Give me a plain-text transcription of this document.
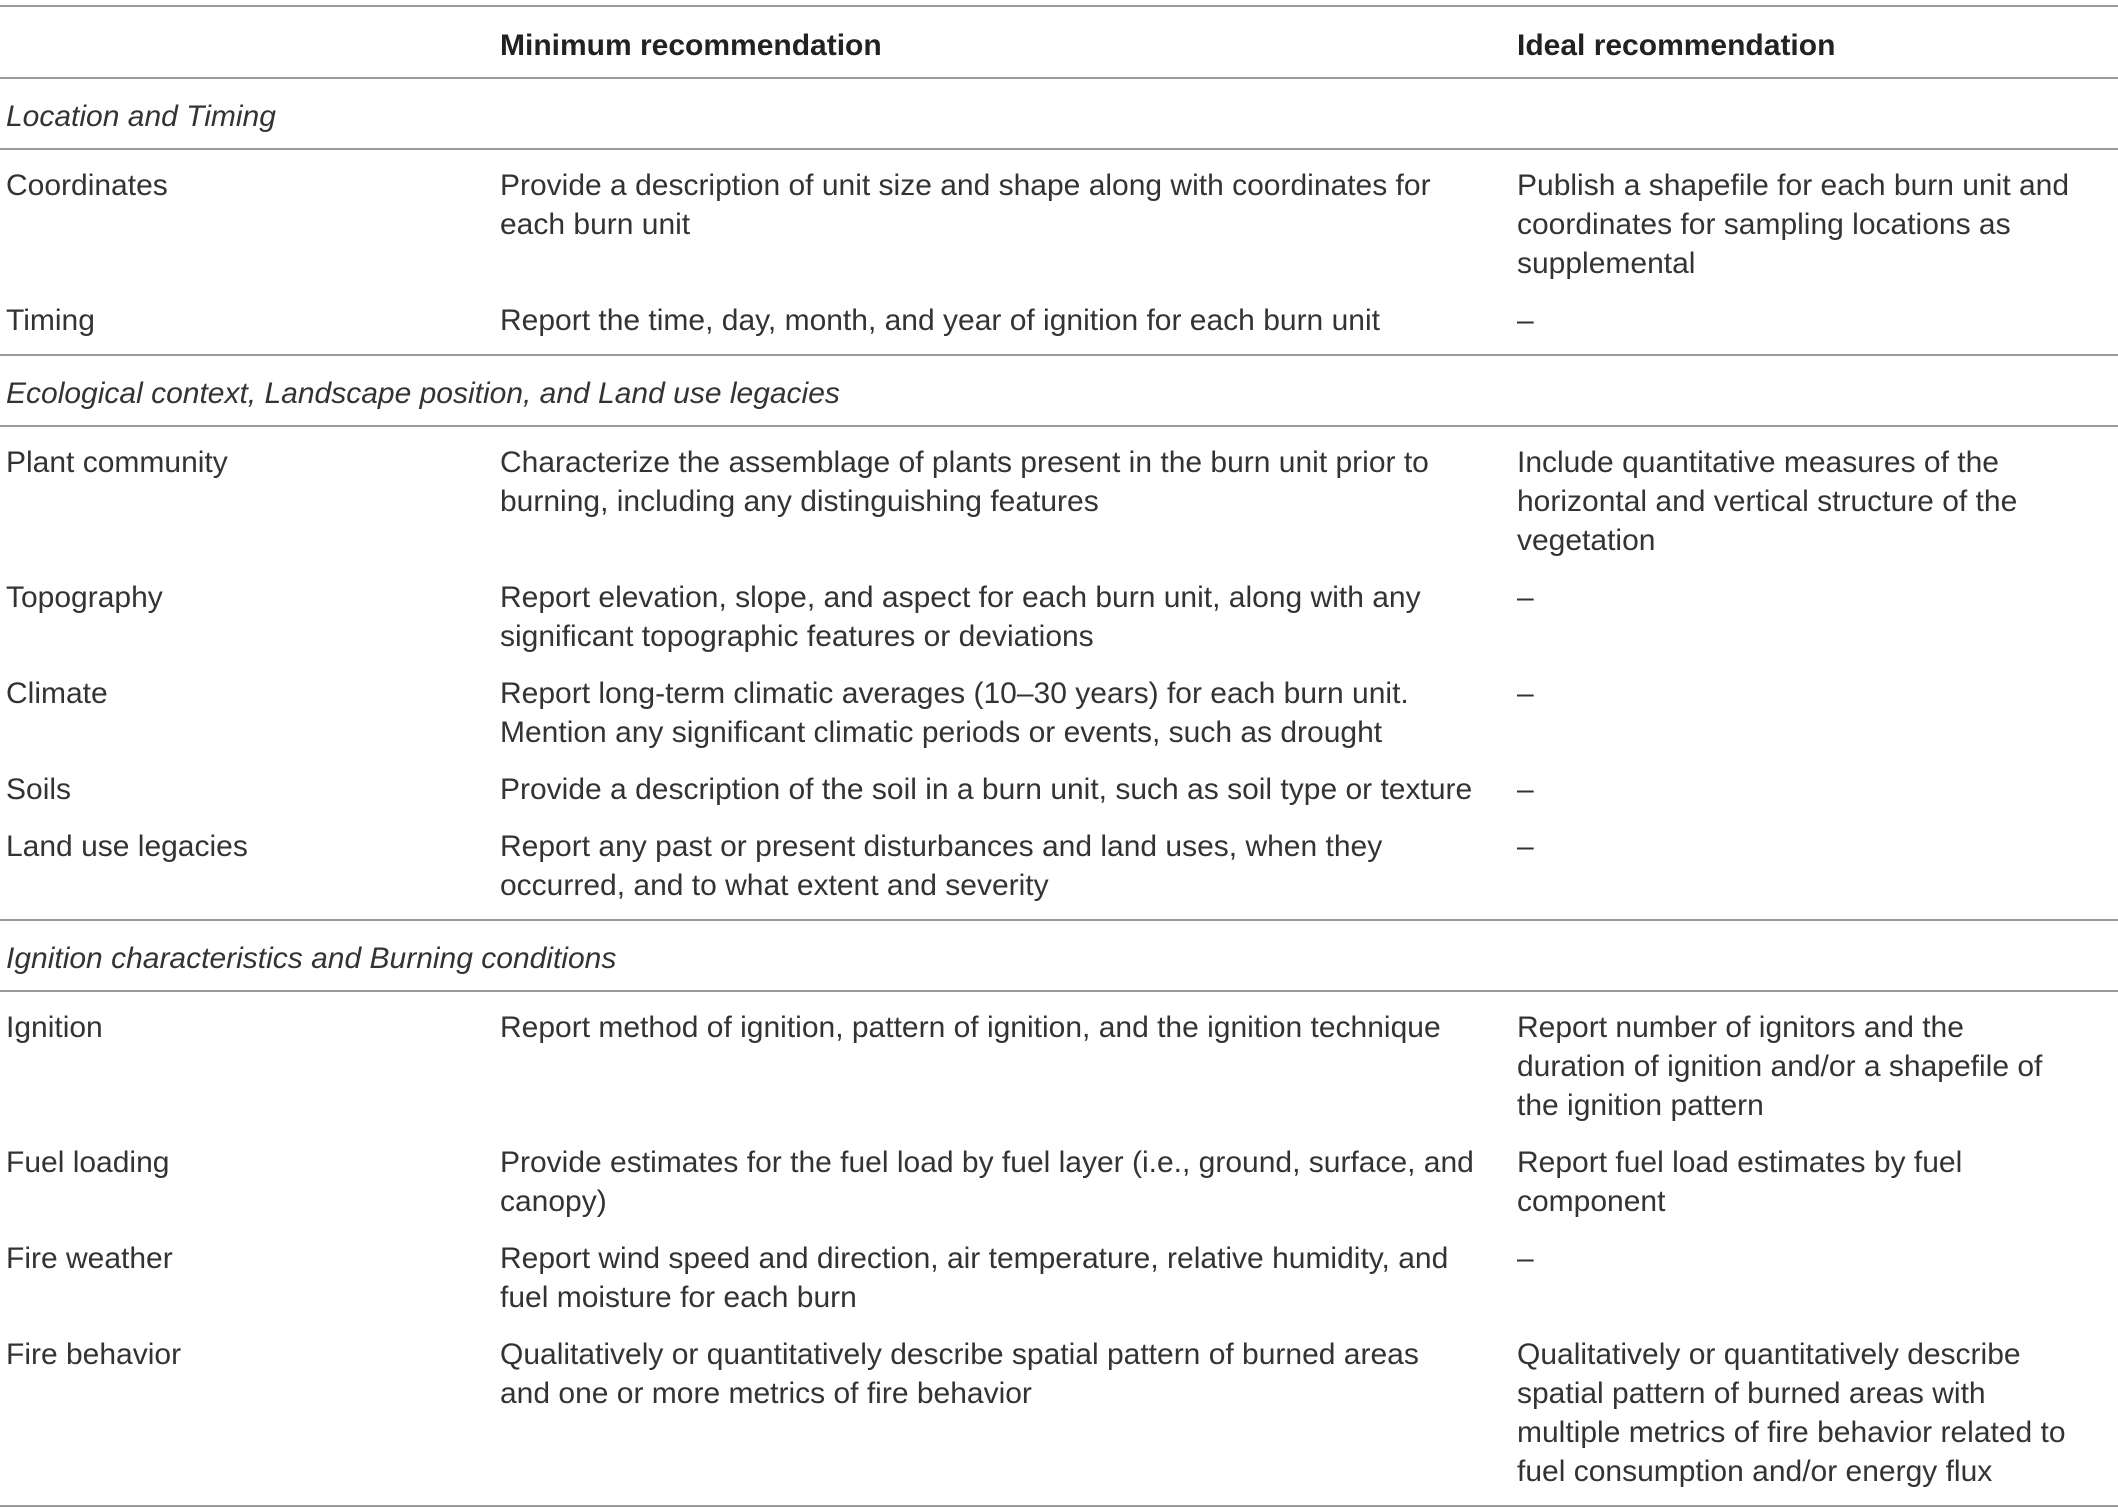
	Minimum recommendation	Ideal recommendation
Location and Timing		
Coordinates	Provide a description of unit size and shape along with coordinates for each burn unit	Publish a shapefile for each burn unit and coordinates for sampling locations as supplemental
Timing	Report the time, day, month, and year of ignition for each burn unit	–
Ecological context, Landscape position, and Land use legacies		
Plant community	Characterize the assemblage of plants present in the burn unit prior to burning, including any distinguishing features	Include quantitative measures of the horizontal and vertical structure of the vegetation
Topography	Report elevation, slope, and aspect for each burn unit, along with any significant topographic features or deviations	–
Climate	Report long-term climatic averages (10–30 years) for each burn unit. Mention any significant climatic periods or events, such as drought	–
Soils	Provide a description of the soil in a burn unit, such as soil type or texture	–
Land use legacies	Report any past or present disturbances and land uses, when they occurred, and to what extent and severity	–
Ignition characteristics and Burning conditions		
Ignition	Report method of ignition, pattern of ignition, and the ignition technique	Report number of ignitors and the duration of ignition and/or a shapefile of the ignition pattern
Fuel loading	Provide estimates for the fuel load by fuel layer (i.e., ground, surface, and canopy)	Report fuel load estimates by fuel component
Fire weather	Report wind speed and direction, air temperature, relative humidity, and fuel moisture for each burn	–
Fire behavior	Qualitatively or quantitatively describe spatial pattern of burned areas and one or more metrics of fire behavior	Qualitatively or quantitatively describe spatial pattern of burned areas with multiple metrics of fire behavior related to fuel consumption and/or energy flux
